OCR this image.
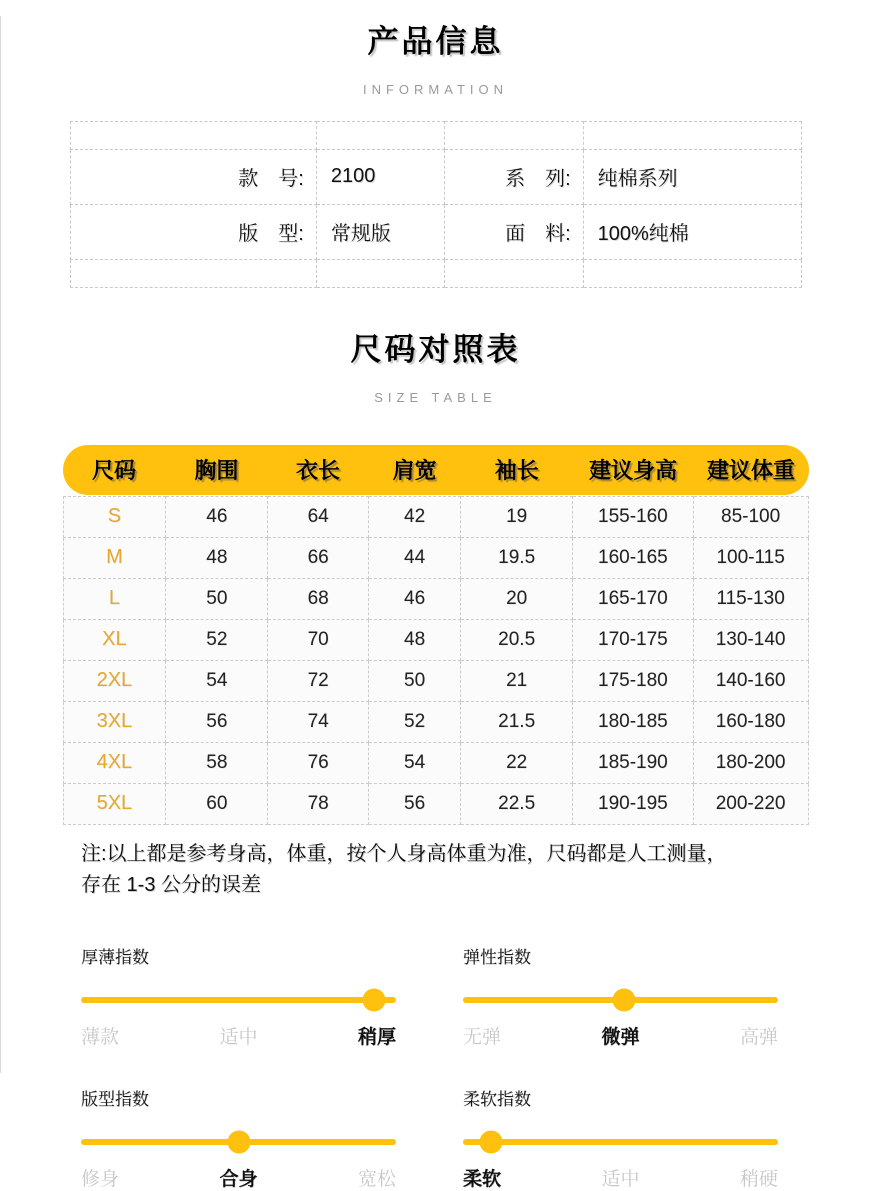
产品信息
INFORMATION

款　号:	2100	系　列:	纯棉系列
版　型:	常规版	面　料:	100%纯棉

尺码对照表
SIZE TABLE
尺码	胸围	衣长	肩宽	袖长	建议身高	建议体重
S	46	64	42	19	155-160	85-100
M	48	66	44	19.5	160-165	100-115
L	50	68	46	20	165-170	115-130
XL	52	70	48	20.5	170-175	130-140
2XL	54	72	50	21	175-180	140-160
3XL	56	74	52	21.5	180-185	160-180
4XL	58	76	54	22	185-190	180-200
5XL	60	78	56	22.5	190-195	200-220
注:以上都是参考身高，体重，按个人身高体重为准，尺码都是人工测量，
存在 1-3 公分的误差
厚薄指数
薄款	适中	稍厚
弹性指数
无弹	微弹	高弹
版型指数
修身	合身	宽松
柔软指数
柔软	适中	稍硬
